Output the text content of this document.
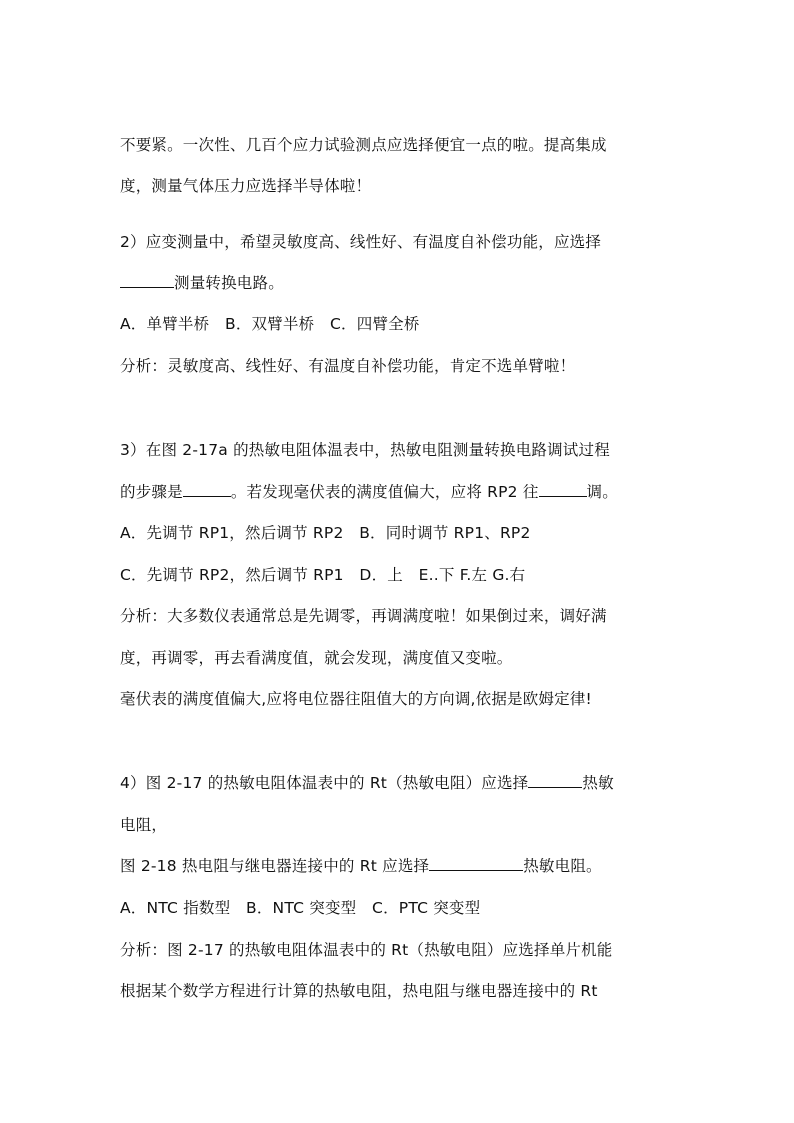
不要紧。一次性、几百个应力试验测点应选择便宜一点的啦。提高集成
度，测量气体压力应选择半导体啦！
2）应变测量中，希望灵敏度高、线性好、有温度自补偿功能，应选择
测量转换电路。
A．单臂半桥　B．双臂半桥　C．四臂全桥
分析：灵敏度高、线性好、有温度自补偿功能，肯定不选单臂啦！
3）在图 2-17a 的热敏电阻体温表中，热敏电阻测量转换电路调试过程
的步骤是	。若发现毫伏表的满度值偏大，应将 RP2 往	调。
A．先调节 RP1，然后调节 RP2　B．同时调节 RP1、RP2
C．先调节 RP2，然后调节 RP1　D．上　E..下 F.左 G.右
分析：大多数仪表通常总是先调零，再调满度啦！如果倒过来，调好满
度，再调零，再去看满度值，就会发现，满度值又变啦。
毫伏表的满度值偏大,应将电位器往阻值大的方向调,依据是欧姆定律!
4）图 2-17 的热敏电阻体温表中的 Rt（热敏电阻）应选择	热敏
电阻，
图 2-18 热电阻与继电器连接中的 Rt 应选择	热敏电阻。
A．NTC 指数型　B．NTC 突变型　C．PTC 突变型
分析：图 2-17 的热敏电阻体温表中的 Rt（热敏电阻）应选择单片机能
根据某个数学方程进行计算的热敏电阻，热电阻与继电器连接中的 Rt
